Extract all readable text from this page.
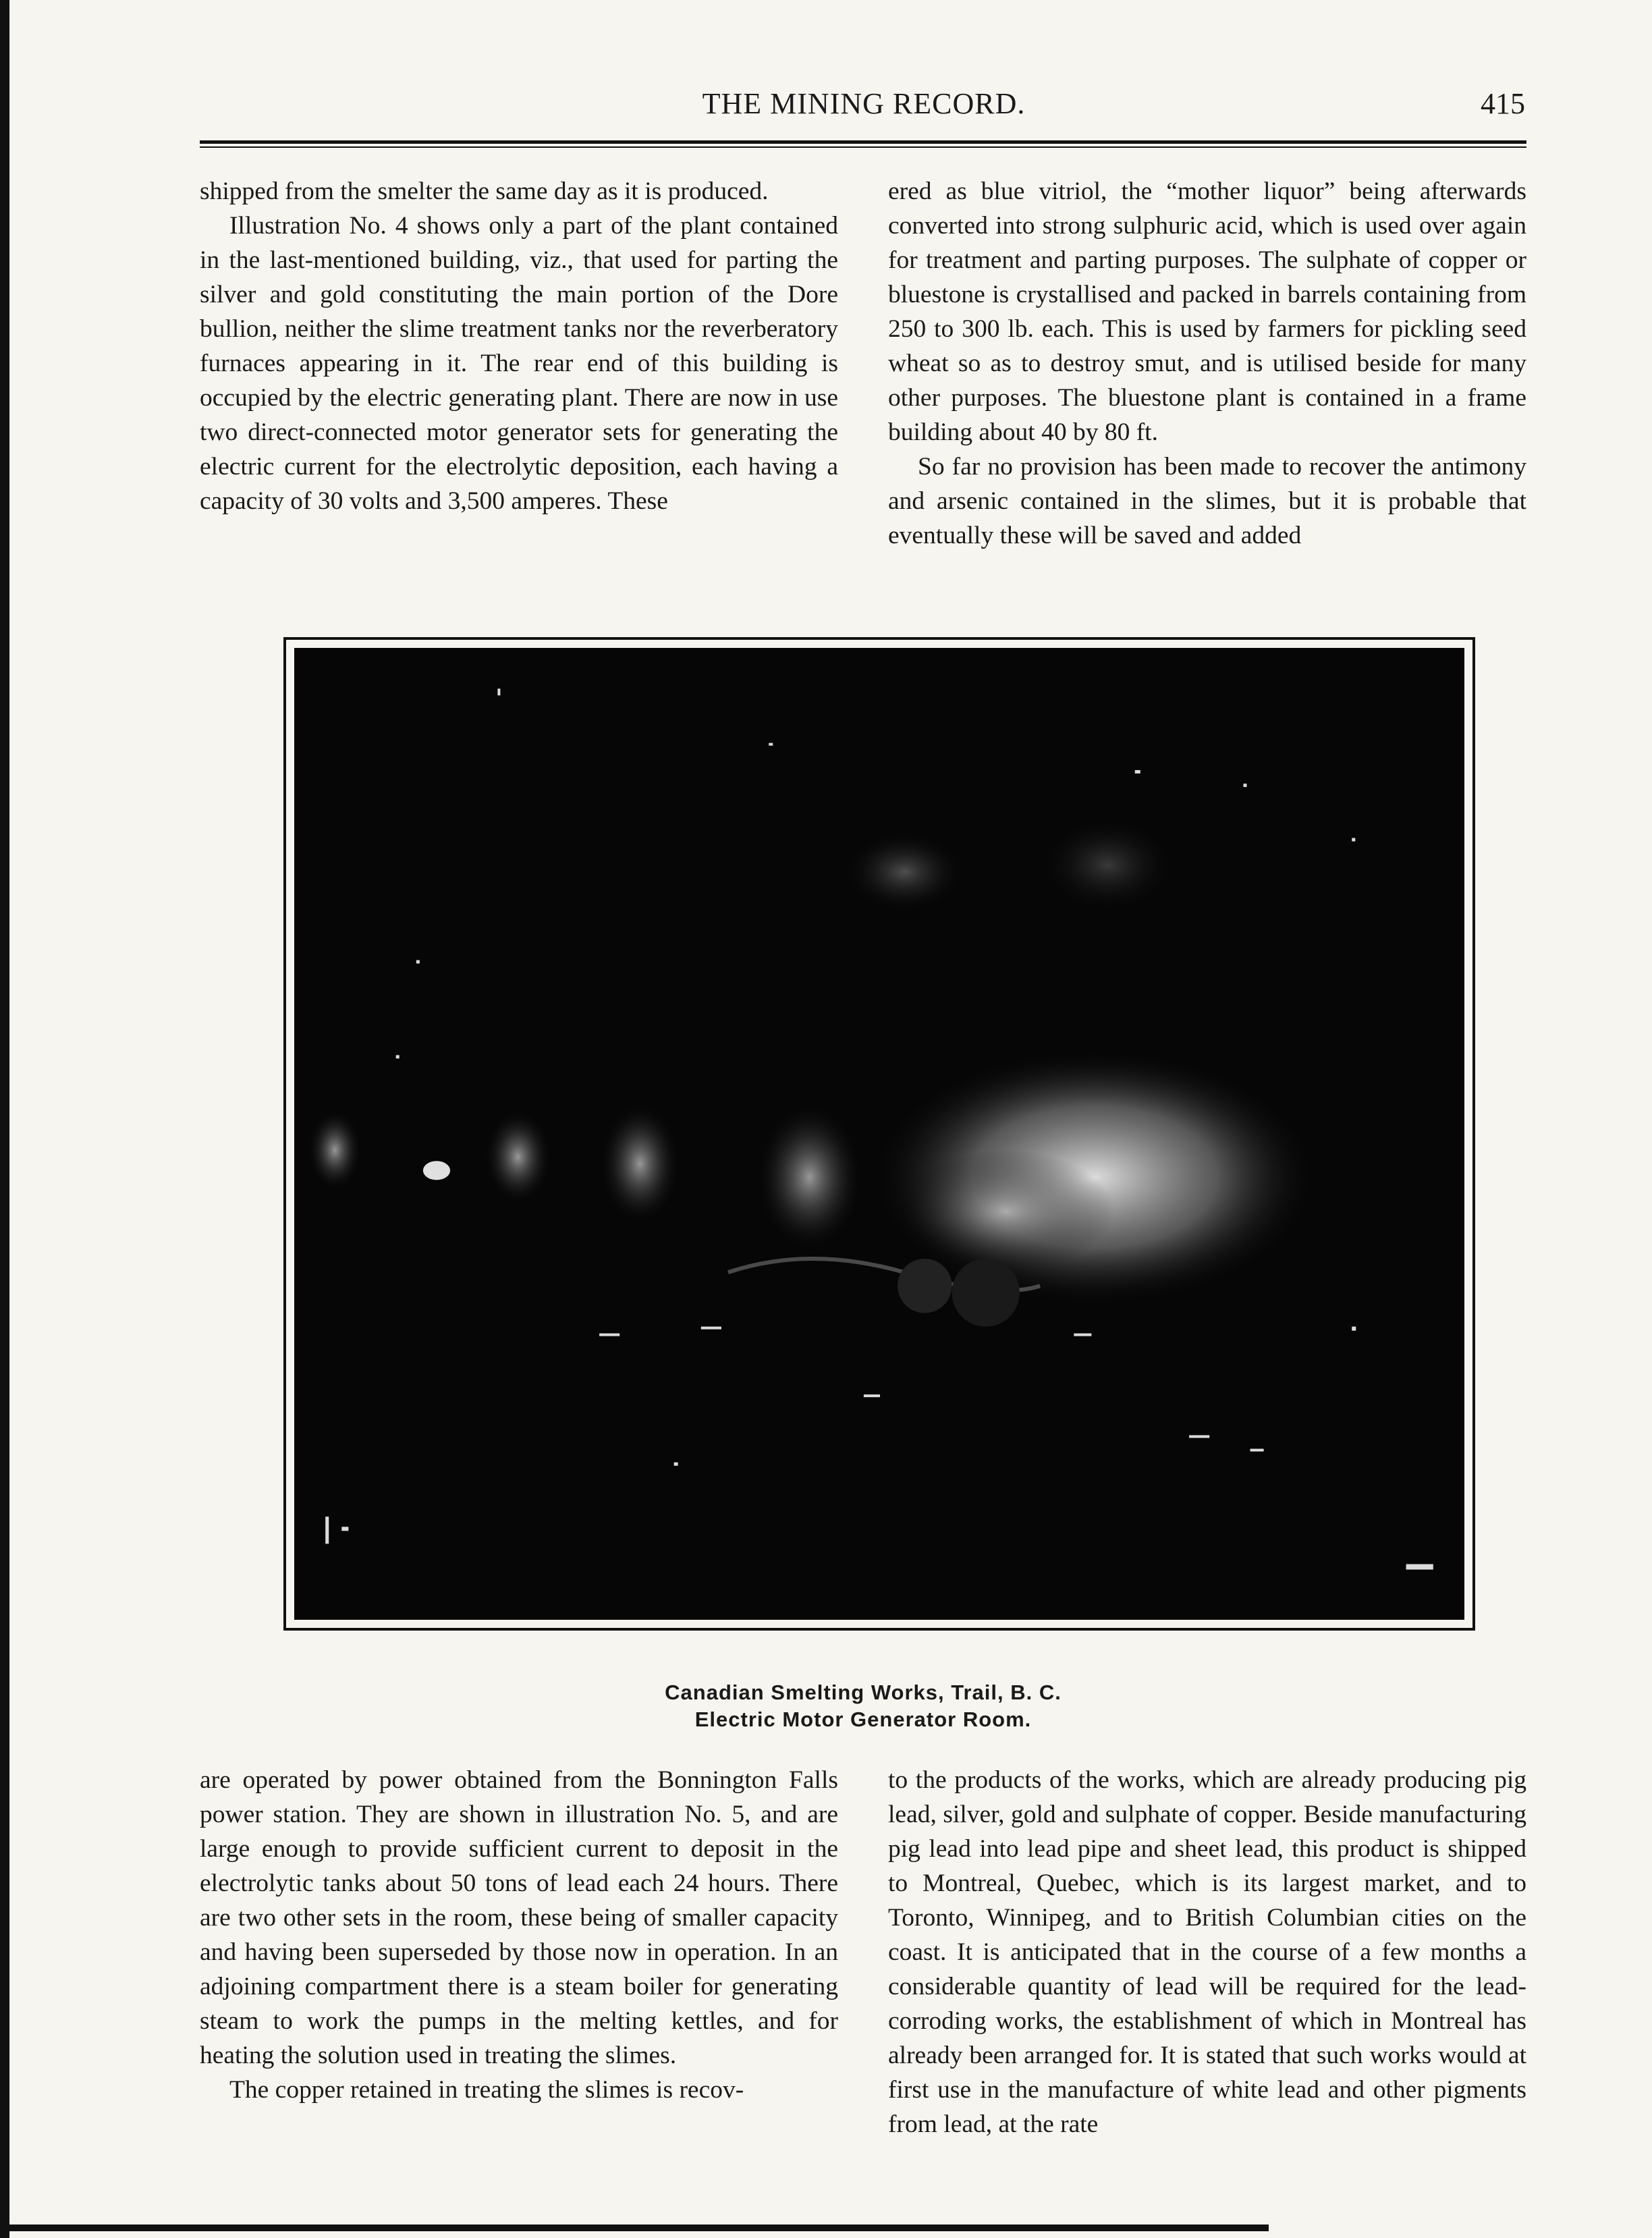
THE MINING RECORD.	415

shipped from the smelter the same day as it is produced.

Illustration No. 4 shows only a part of the plant contained in the last-mentioned building, viz., that used for parting the silver and gold constituting the main portion of the Dore bullion, neither the slime treatment tanks nor the reverberatory furnaces appearing in it. The rear end of this building is occupied by the electric generating plant. There are now in use two direct-connected motor generator sets for generating the electric current for the electrolytic deposition, each having a capacity of 30 volts and 3,500 amperes. These

ered as blue vitriol, the “mother liquor” being afterwards converted into strong sulphuric acid, which is used over again for treatment and parting purposes. The sulphate of copper or bluestone is crystallised and packed in barrels containing from 250 to 300 lb. each. This is used by farmers for pickling seed wheat so as to destroy smut, and is utilised beside for many other purposes. The bluestone plant is contained in a frame building about 40 by 80 ft.

So far no provision has been made to recover the antimony and arsenic contained in the slimes, but it is probable that eventually these will be saved and added

Canadian Smelting Works, Trail, B. C.
Electric Motor Generator Room.

are operated by power obtained from the Bonnington Falls power station. They are shown in illustration No. 5, and are large enough to provide sufficient current to deposit in the electrolytic tanks about 50 tons of lead each 24 hours. There are two other sets in the room, these being of smaller capacity and having been superseded by those now in operation. In an adjoining compartment there is a steam boiler for generating steam to work the pumps in the melting kettles, and for heating the solution used in treating the slimes.

The copper retained in treating the slimes is recov-

to the products of the works, which are already producing pig lead, silver, gold and sulphate of copper. Beside manufacturing pig lead into lead pipe and sheet lead, this product is shipped to Montreal, Quebec, which is its largest market, and to Toronto, Winnipeg, and to British Columbian cities on the coast. It is anticipated that in the course of a few months a considerable quantity of lead will be required for the lead-corroding works, the establishment of which in Montreal has already been arranged for. It is stated that such works would at first use in the manufacture of white lead and other pigments from lead, at the rate
